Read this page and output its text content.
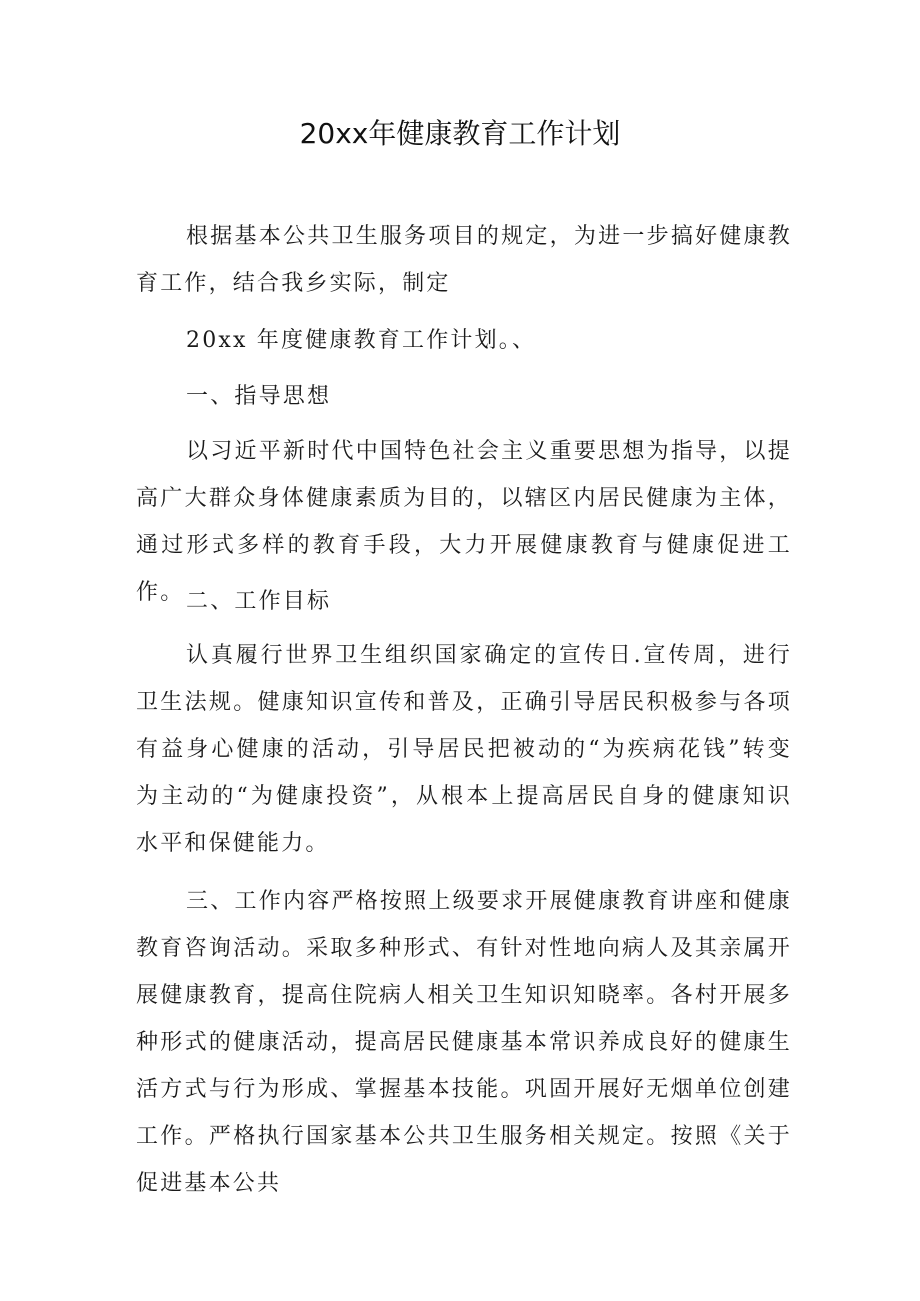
20xx年健康教育工作计划

根据基本公共卫生服务项目的规定，为进一步搞好健康教育工作，结合我乡实际，制定

20xx 年度健康教育工作计划。、

一、指导思想

以习近平新时代中国特色社会主义重要思想为指导，以提高广大群众身体健康素质为目的，以辖区内居民健康为主体，通过形式多样的教育手段，大力开展健康教育与健康促进工作。 二、工作目标

认真履行世界卫生组织国家确定的宣传日.宣传周，进行卫生法规。健康知识宣传和普及，正确引导居民积极参与各项有益身心健康的活动，引导居民把被动的“为疾病花钱”转变为主动的“为健康投资”，从根本上提高居民自身的健康知识水平和保健能力。

三、工作内容严格按照上级要求开展健康教育讲座和健康教育咨询活动。采取多种形式、有针对性地向病人及其亲属开展健康教育，提高住院病人相关卫生知识知晓率。各村开展多种形式的健康活动，提高居民健康基本常识养成良好的健康生活方式与行为形成、掌握基本技能。巩固开展好无烟单位创建工作。严格执行国家基本公共卫生服务相关规定。按照《关于促进基本公共
